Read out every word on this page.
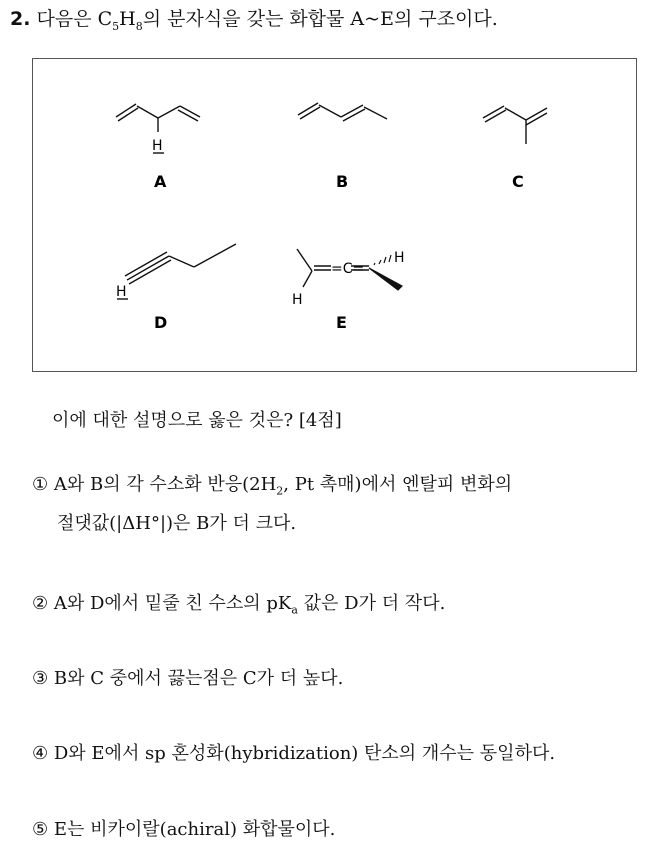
2. 다음은 $C_5H_8$의 분자식을 갖는 화합물 A~E의 구조이다.
H
H
=C=
H
H
A	B	C
D	E
이에 대한 설명으로 옳은 것은? [4점]
① A와 B의 각 수소화 반응($2H_2$, Pt 촉매)에서 엔탈피 변화의
절댓값(|ΔH°|)은 B가 더 크다.
② A와 D에서 밑줄 친 수소의 $pK_a$ 값은 D가 더 작다.
③ B와 C 중에서 끓는점은 C가 더 높다.
④ D와 E에서 sp 혼성화(hybridization) 탄소의 개수는 동일하다.
⑤ E는 비카이랄(achiral) 화합물이다.
